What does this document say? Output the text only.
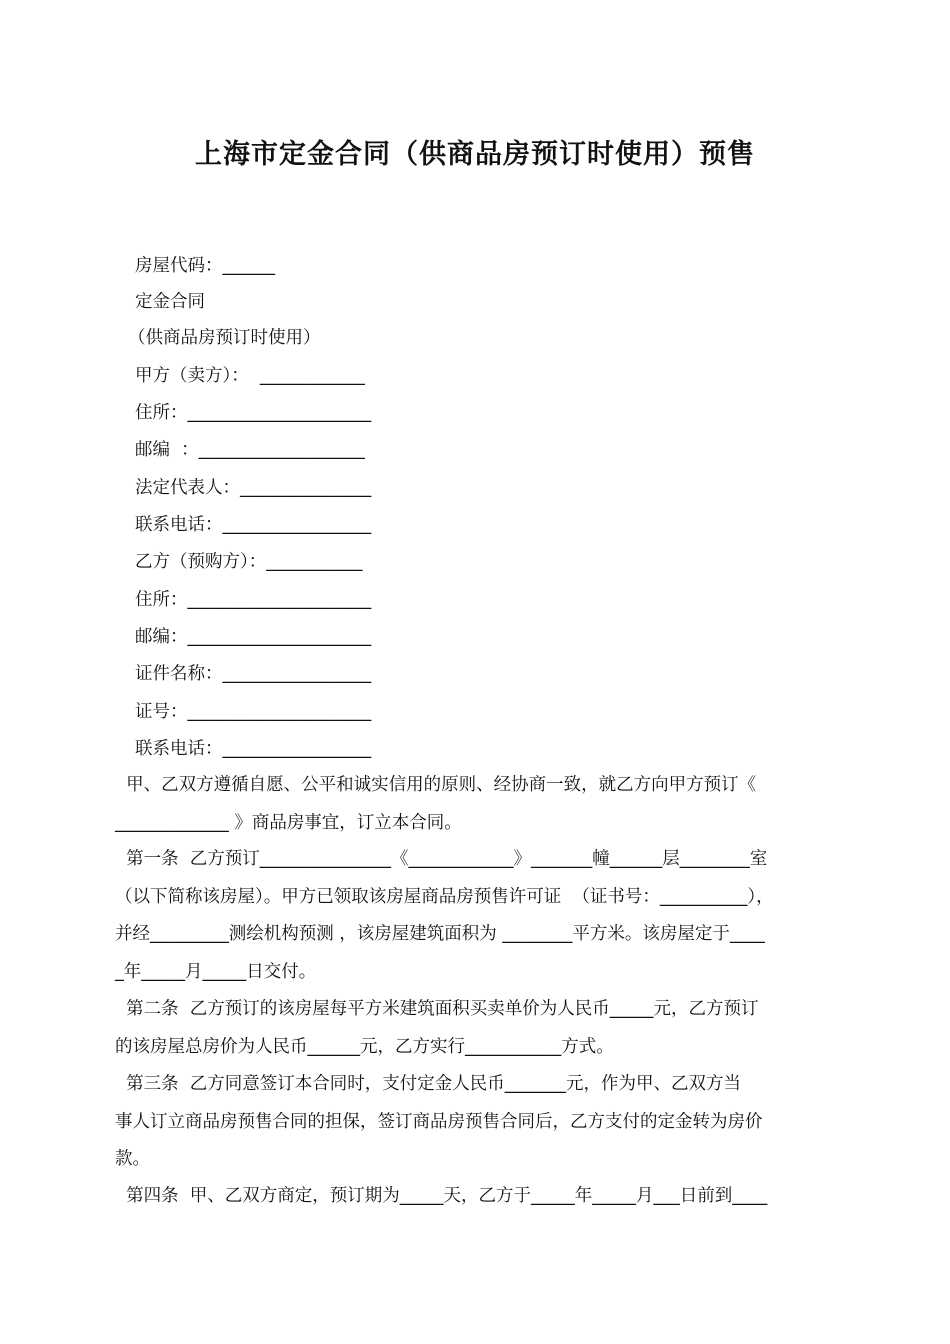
上海市定金合同（供商品房预订时使用）预售
房屋代码：______
定金合同
（供商品房预订时使用）
甲方（卖方）：  ____________
住所：_____________________
邮编  ：___________________
法定代表人：_______________
联系电话：_________________
乙方（预购方）：___________
住所：_____________________
邮编：_____________________
证件名称：_________________
证号：_____________________
联系电话：_________________

甲、乙双方遵循自愿、公平和诚实信用的原则、经协商一致，就乙方向甲方预订《

_____________ 》商品房事宜，订立本合同。

第一条  乙方预订_______________《____________》_______幢______层________室

（以下简称该房屋）。甲方已领取该房屋商品房预售许可证  （证书号：__________），

并经_________测绘机构预测 ，该房屋建筑面积为 ________平方米。该房屋定于____

_年_____月_____日交付。

第二条  乙方预订的该房屋每平方米建筑面积买卖单价为人民币_____元，乙方预订

的该房屋总房价为人民币______元，乙方实行___________方式。

第三条  乙方同意签订本合同时，支付定金人民币_______元，作为甲、乙双方当

事人订立商品房预售合同的担保，签订商品房预售合同后，乙方支付的定金转为房价

款。

第四条  甲、乙双方商定，预订期为_____天，乙方于_____年_____月___日前到____
